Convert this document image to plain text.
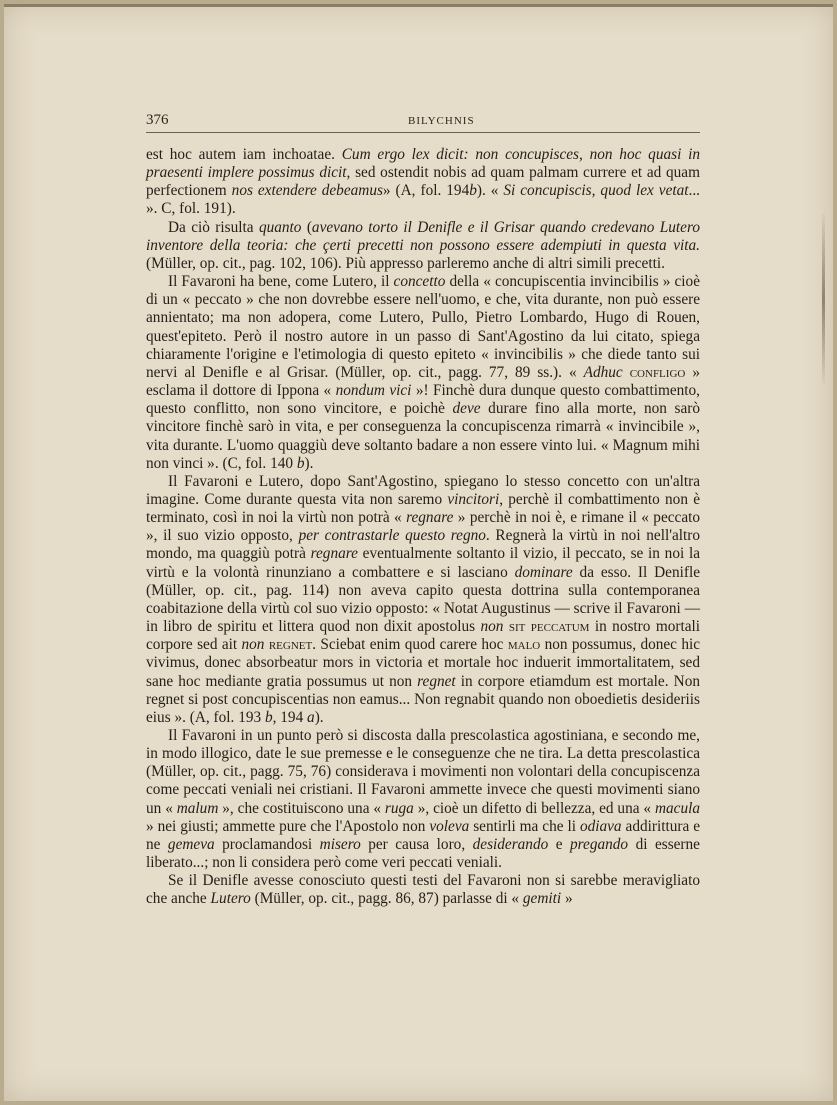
376	BILYCHNIS

est hoc autem iam inchoatae. Cum ergo lex dicit: non concupisces, non hoc quasi in praesenti implere possimus dicit, sed ostendit nobis ad quam palmam currere et ad quam perfectionem nos extendere debeamus» (A, fol. 194b). « Si concupiscis, quod lex vetat... ». C, fol. 191).

Da ciò risulta quanto (avevano torto il Denifle e il Grisar quando credevano Lutero inventore della teoria: che çerti precetti non possono essere adempiuti in questa vita. (Müller, op. cit., pag. 102, 106). Più appresso parleremo anche di altri simili precetti.

Il Favaroni ha bene, come Lutero, il concetto della « concupiscentia invincibilis » cioè di un « peccato » che non dovrebbe essere nell'uomo, e che, vita durante, non può essere annientato; ma non adopera, come Lutero, Pullo, Pietro Lombardo, Hugo di Rouen, quest'epiteto. Però il nostro autore in un passo di Sant'Agostino da lui citato, spiega chiaramente l'origine e l'etimologia di questo epiteto « invincibilis » che diede tanto sui nervi al Denifle e al Grisar. (Müller, op. cit., pagg. 77, 89 ss.). « Adhuc confligo » esclama il dottore di Ippona « nondum vici »! Finchè dura dunque questo combattimento, questo conflitto, non sono vincitore, e poichè deve durare fino alla morte, non sarò vincitore finchè sarò in vita, e per conseguenza la concupiscenza rimarrà « invincibile », vita durante. L'uomo quaggiù deve soltanto badare a non essere vinto lui. « Magnum mihi non vinci ». (C, fol. 140 b).

Il Favaroni e Lutero, dopo Sant'Agostino, spiegano lo stesso concetto con un'altra imagine. Come durante questa vita non saremo vincitori, perchè il combattimento non è terminato, così in noi la virtù non potrà « regnare » perchè in noi è, e rimane il « peccato », il suo vizio opposto, per contrastarle questo regno. Regnerà la virtù in noi nell'altro mondo, ma quaggiù potrà regnare eventualmente soltanto il vizio, il peccato, se in noi la virtù e la volontà rinunziano a combattere e si lasciano dominare da esso. Il Denifle (Müller, op. cit., pag. 114) non aveva capito questa dottrina sulla contemporanea coabitazione della virtù col suo vizio opposto: « Notat Augustinus — scrive il Favaroni — in libro de spiritu et littera quod non dixit apostolus non sit peccatum in nostro mortali corpore sed ait non regnet. Sciebat enim quod carere hoc malo non possumus, donec hic vivimus, donec absorbeatur mors in victoria et mortale hoc induerit immortalitatem, sed sane hoc mediante gratia possumus ut non regnet in corpore etiamdum est mortale. Non regnet si post concupiscentias non eamus... Non regnabit quando non oboedietis desideriis eius ». (A, fol. 193 b, 194 a).

Il Favaroni in un punto però si discosta dalla prescolastica agostiniana, e secondo me, in modo illogico, date le sue premesse e le conseguenze che ne tira. La detta prescolastica (Müller, op. cit., pagg. 75, 76) considerava i movimenti non volontari della concupiscenza come peccati veniali nei cristiani. Il Favaroni ammette invece che questi movimenti siano un « malum », che costituiscono una « ruga », cioè un difetto di bellezza, ed una « macula » nei giusti; ammette pure che l'Apostolo non voleva sentirli ma che li odiava addirittura e ne gemeva proclamandosi misero per causa loro, desiderando e pregando di esserne liberato...; non li considera però come veri peccati veniali.

Se il Denifle avesse conosciuto questi testi del Favaroni non si sarebbe meravigliato che anche Lutero (Müller, op. cit., pagg. 86, 87) parlasse di « gemiti »
